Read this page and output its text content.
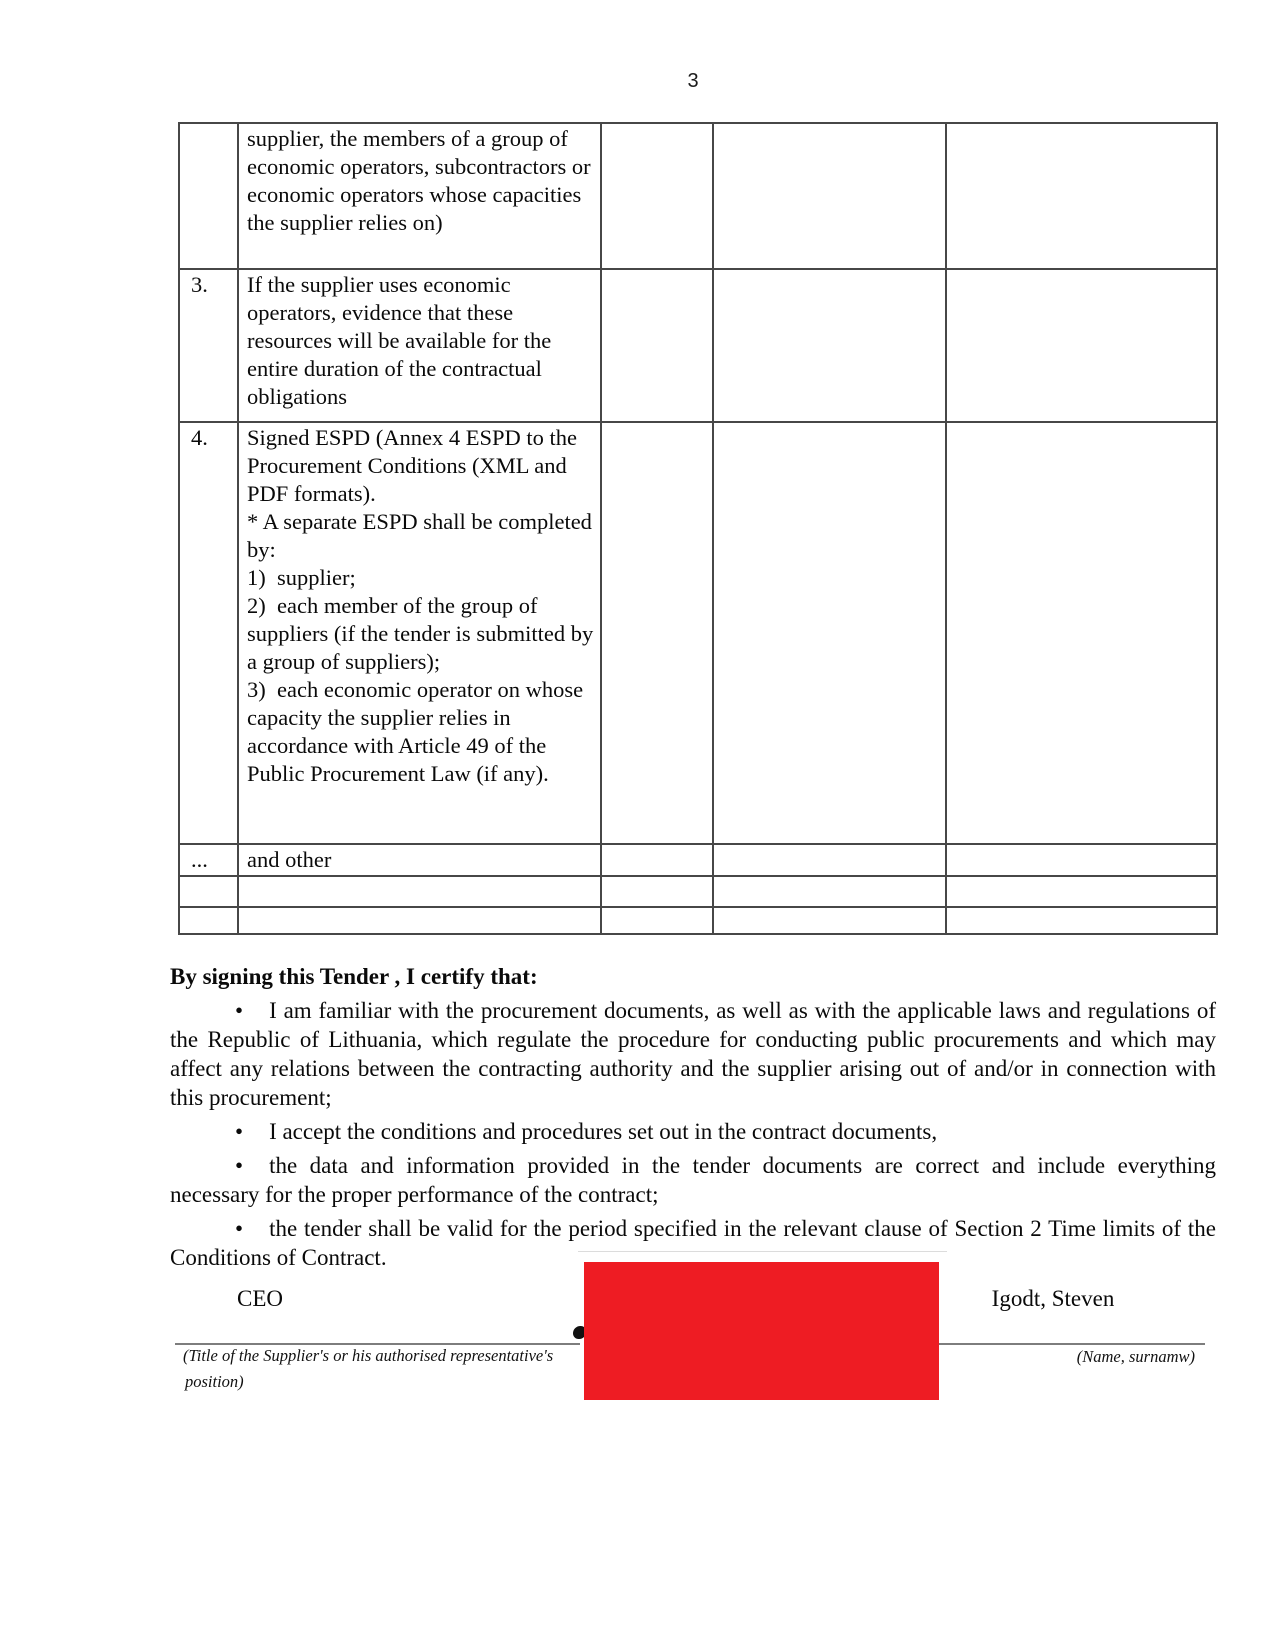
3

	supplier, the members of a group of economic operators, subcontractors or economic operators whose capacities the supplier relies on)			

3.	If the supplier uses economic operators, evidence that these resources will be available for the entire duration of the contractual obligations			

4.	Signed ESPD (Annex 4 ESPD to the Procurement Conditions (XML and PDF formats).

* A separate ESPD shall be completed by:

1)  supplier;

2)  each member of the group of suppliers (if the tender is submitted by a group of suppliers);

3)  each economic operator on whose capacity the supplier relies in accordance with Article 49 of the Public Procurement Law (if any).			

...	and other			

By signing this Tender , I certify that:

• I am familiar with the procurement documents, as well as with the applicable laws and regulations of the Republic of Lithuania, which regulate the procedure for conducting public procurements and which may affect any relations between the contracting authority and the supplier arising out of and/or in connection with this procurement;

• I accept the conditions and procedures set out in the contract documents,

• the data and information provided in the tender documents are correct and include everything necessary for the proper performance of the contract;

• the tender shall be valid for the period specified in the relevant clause of Section 2 Time limits of the Conditions of Contract.

CEO	Igodt, Steven
(Title of the Supplier's or his authorised representative's
position)
(Name, surnamw)
